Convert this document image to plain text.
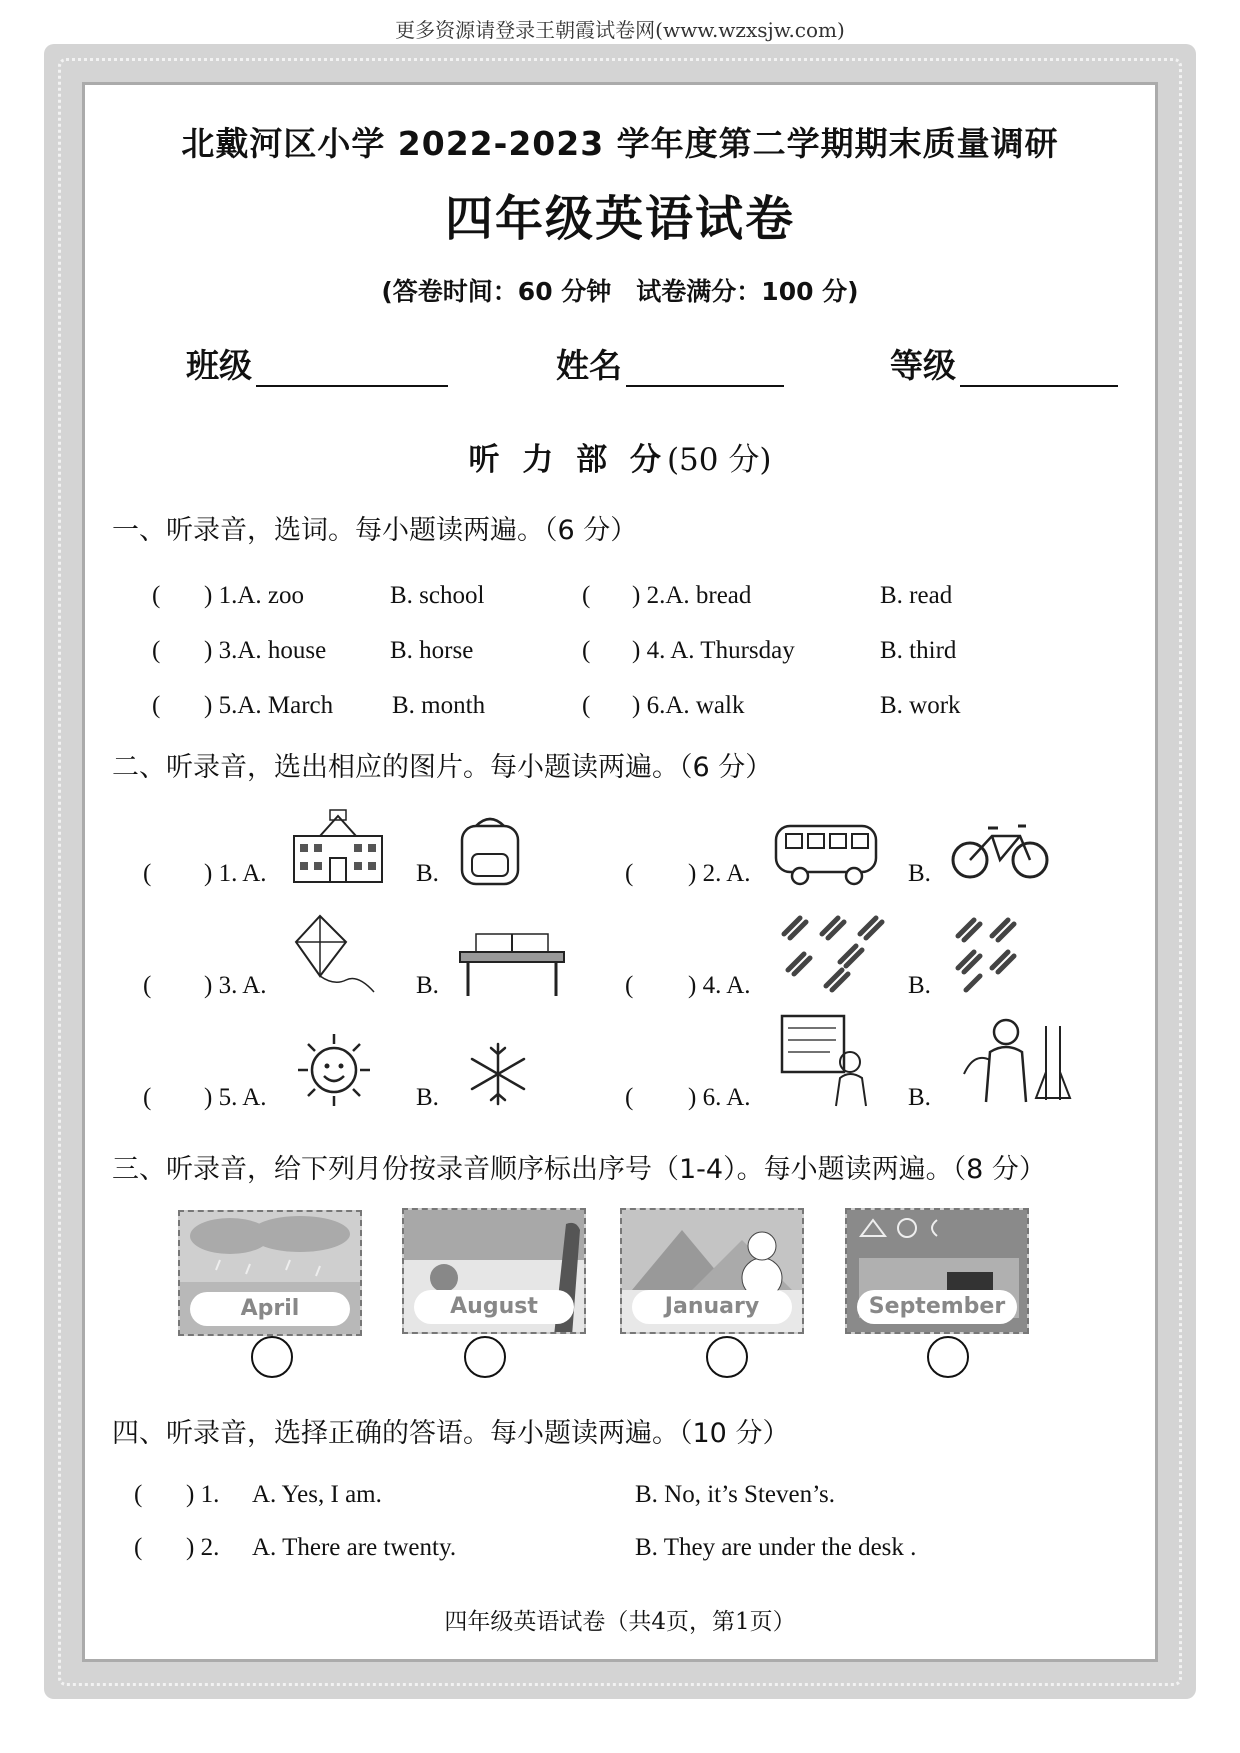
更多资源请登录王朝霞试卷网(www.wzxsjw.com)
北戴河区小学 2022-2023 学年度第二学期期末质量调研
四年级英语试卷
(答卷时间：60 分钟　试卷满分：100 分)
班级	姓名	等级
听 力 部 分(50 分)
一、听录音，选词。每小题读两遍。（6 分）
( ) 1.A. zoo	B. school	( ) 2.A. bread	B. read
( ) 3.A. house	B. horse	( ) 4. A. Thursday	B. third
( ) 5.A. March B. month	( ) 6.A. walk	B. work
二、听录音，选出相应的图片。每小题读两遍。（6 分）
( ) 1. A.	B.	( ) 2. A.	B.
( ) 3. A.	B.	( ) 4. A.	B.
( ) 5. A.	B.	( ) 6. A.	B.
三、听录音，给下列月份按录音顺序标出序号（1-4）。每小题读两遍。（8 分）
April	August	January	September
四、听录音，选择正确的答语。每小题读两遍。（10 分）
( ) 1. A. Yes, I am.	B. No, it’s Steven’s.
( ) 2. A. There are twenty.	B. They are under the desk .
四年级英语试卷（共4页，第1页）
